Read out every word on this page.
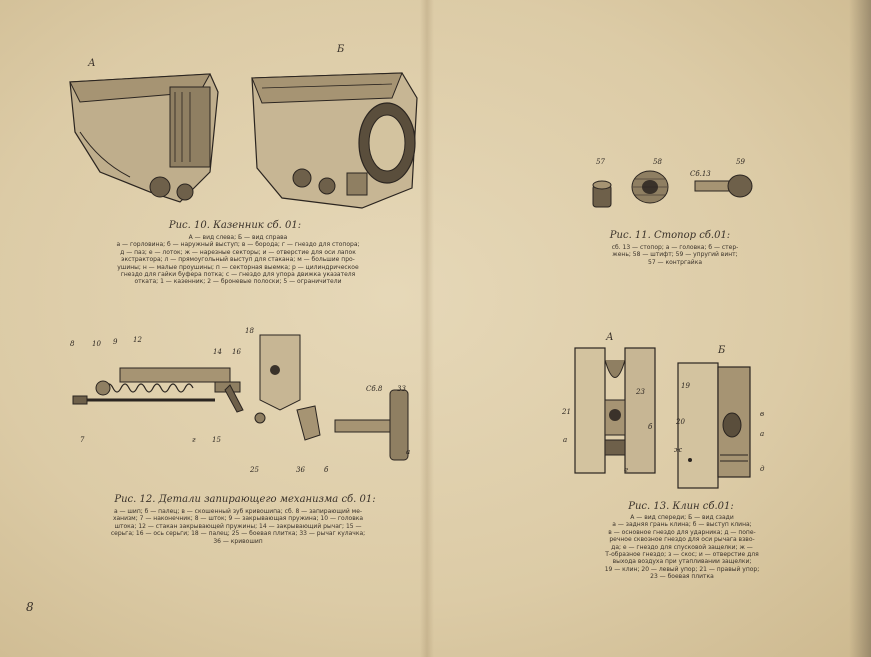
А
Б
Рис. 10. Казенник сб. 01:
А — вид слева; Б — вид справа
а — горловина; б — наружный выступ; в — борода; г — гнездо для стопора;
д — паз; е — лоток; ж — нарезные секторы; и — отверстие для оси лапок
экстрактора; л — прямоугольный выступ для стакана; м — большие про-
ушины; н — малые проушины; п — секторная выемка; р — цилиндрическое
гнездо для гайки буфера потка; с — гнездо для упора движка указателя
отката; 1 — казенник; 2 — броневые полоски; 5 — ограничители
57	58
Сб.13
59
Рис. 11. Стопор сб.01:
сб. 13 — стопор; а — головка; б — стер-
жень; 58 — штифт; 59 — упругий винт;
57 — контргайка
8	10 9 12
18
14 16
7	г 15
25	36	б
Сб.8 33
а
Рис. 12. Детали запирающего механизма сб. 01:
а — шип; б — палец; в — скошенный зуб кривошипа; сб. 8 — запирающий ме-
ханизм; 7 — наконечник; 8 — шток; 9 — закрывающая пружина; 10 — головка
штока; 12 — стакан закрывающей пружины; 14 — закрывающий рычаг; 15 —
серьга; 16 — ось серьги; 18 — палец; 25 — боевая плитка; 33 — рычаг кулачка;
36 — кривошип
А
Б
21
23
б
а
е
19
20
в
ж
а
д
Рис. 13. Клин сб.01:
А — вид спереди; Б — вид сзади
а — задняя грань клина; б — выступ клина;
в — основное гнездо для ударника; д — попе-
речное сквозное гнездо для оси рычага взво-
да; е — гнездо для спусковой защелки; ж —
Т-образное гнездо; з — скос; и — отверстие для
выхода воздуха при утапливании защелки;
19 — клин; 20 — левый упор; 21 — правый упор;
23 — боевая плитка
8
